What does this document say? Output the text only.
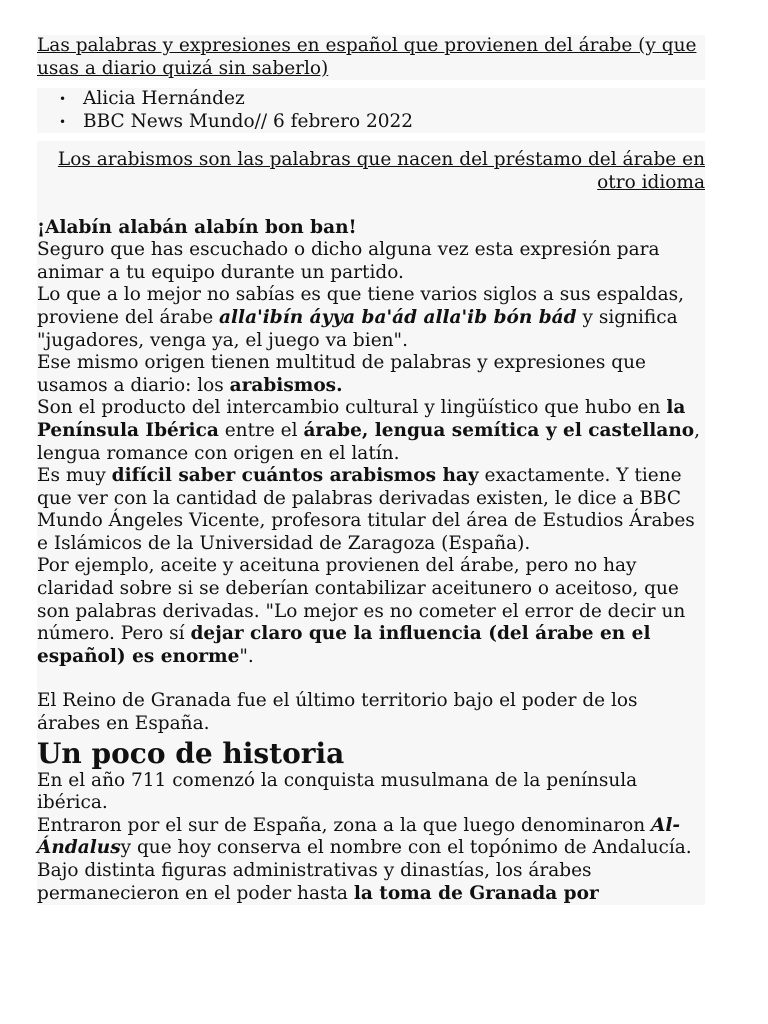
Las palabras y expresiones en español que provienen del árabe (y que usas a diario quizá sin saberlo)

• Alicia Hernández
• BBC News Mundo// 6 febrero 2022

Los arabismos son las palabras que nacen del préstamo del árabe en otro idioma

¡Alabín alabán alabín bon ban!

Seguro que has escuchado o dicho alguna vez esta expresión para animar a tu equipo durante un partido.

Lo que a lo mejor no sabías es que tiene varios siglos a sus espaldas, proviene del árabe alla'ibín áyya ba'ád alla'ib bón bád y significa "jugadores, venga ya, el juego va bien".

Ese mismo origen tienen multitud de palabras y expresiones que usamos a diario: los arabismos.

Son el producto del intercambio cultural y lingüístico que hubo en la Península Ibérica entre el árabe, lengua semítica y el castellano, lengua romance con origen en el latín.

Es muy difícil saber cuántos arabismos hay exactamente. Y tiene que ver con la cantidad de palabras derivadas existen, le dice a BBC Mundo Ángeles Vicente, profesora titular del área de Estudios Árabes e Islámicos de la Universidad de Zaragoza (España).

Por ejemplo, aceite y aceituna provienen del árabe, pero no hay claridad sobre si se deberían contabilizar aceitunero o aceitoso, que son palabras derivadas. "Lo mejor es no cometer el error de decir un número. Pero sí dejar claro que la influencia (del árabe en el español) es enorme".

El Reino de Granada fue el último territorio bajo el poder de los árabes en España.

Un poco de historia

En el año 711 comenzó la conquista musulmana de la península ibérica.

Entraron por el sur de España, zona a la que luego denominaron Al-Ándalusy que hoy conserva el nombre con el topónimo de Andalucía.

Bajo distinta figuras administrativas y dinastías, los árabes permanecieron en el poder hasta la toma de Granada por
